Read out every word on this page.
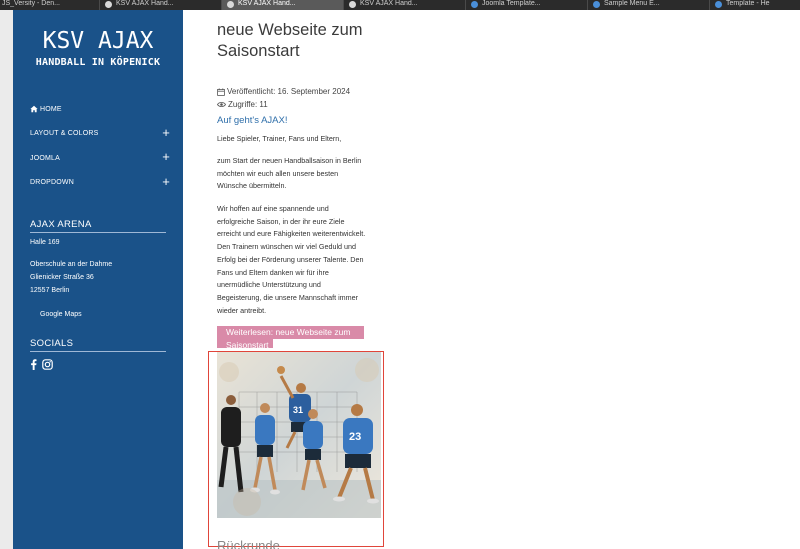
JS_Versity - Den...	KSV AJAX Hand...	KSV AJAX Hand...	KSV AJAX Hand...	Joomla Template...	Sample Menu E...	Template - He
KSV AJAX
HANDBALL IN KÖPENICK
HOME
LAYOUT & COLORS	+
JOOMLA	+
DROPDOWN	+
AJAX ARENA
Halle 169
Oberschule an der Dahme
Glienicker Straße 36
12557 Berlin
Google Maps
SOCIALS
neue Webseite zum
Saisonstart
Veröffentlicht: 16. September 2024
Zugriffe: 11
Auf geht's AJAX!
Liebe Spieler, Trainer, Fans und Eltern,
zum Start der neuen Handballsaison in Berlin
möchten wir euch allen unsere besten
Wünsche übermitteln.
Wir hoffen auf eine spannende und
erfolgreiche Saison, in der ihr eure Ziele
erreicht und eure Fähigkeiten weiterentwickelt.
Den Trainern wünschen wir viel Geduld und
Erfolg bei der Förderung unserer Talente. Den
Fans und Eltern danken wir für ihre
unermüdliche Unterstützung und
Begeisterung, die unsere Mannschaft immer
wieder antreibt.
Weiterlesen: neue Webseite zum Saisonstart
31
23
Rückrunde
